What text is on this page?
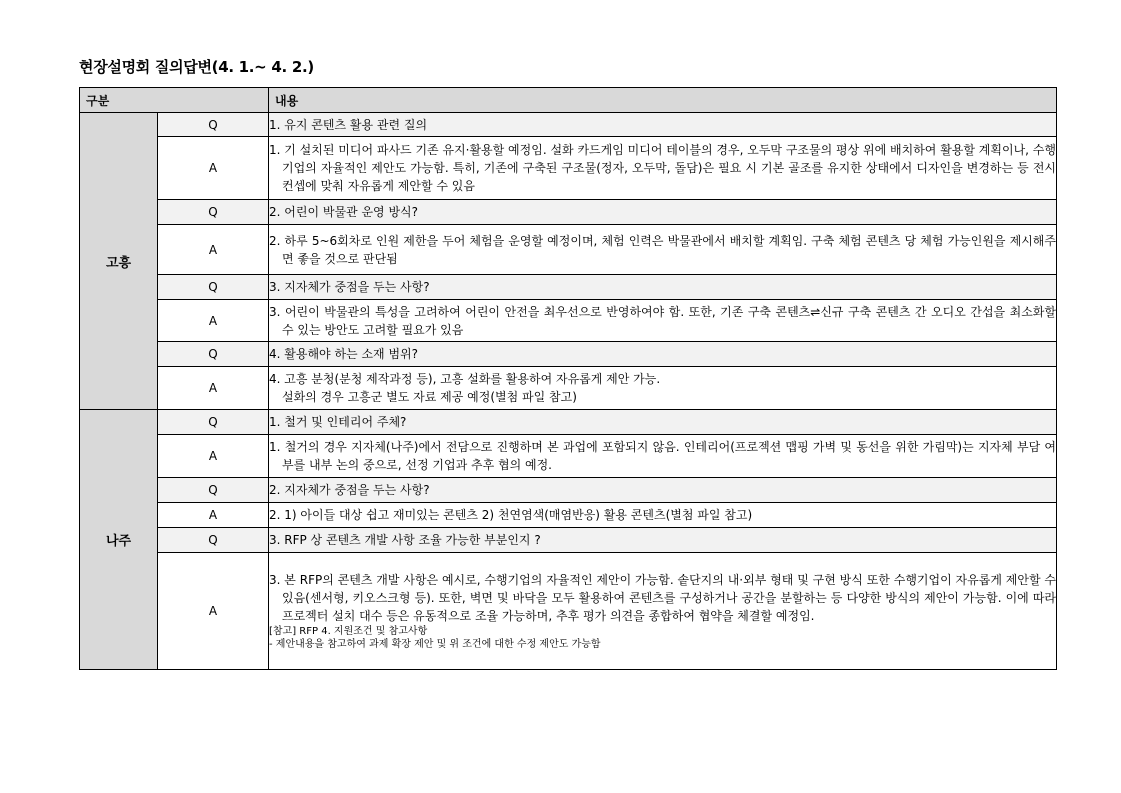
현장설명회 질의답변(4. 1.~ 4. 2.)
구분		내용
고흥	Q	1. 유지 콘텐츠 활용 관련 질의

	A	1. 기 설치된 미디어 파사드 기존 유지·활용할 예정임. 설화 카드게임 미디어 테이블의 경우, 오두막 구조물의 평상 위에 배치하여 활용할 계획이나, 수행기업의 자율적인 제안도 가능함. 특히, 기존에 구축된 구조물(정자, 오두막, 돌담)은 필요 시 기본 골조를 유지한 상태에서 디자인을 변경하는 등 전시 컨셉에 맞춰 자유롭게 제안할 수 있음

	Q	2. 어린이 박물관 운영 방식?

	A	2. 하루 5~6회차로 인원 제한을 두어 체험을 운영할 예정이며, 체험 인력은 박물관에서 배치할 계획임. 구축 체험 콘텐츠 당 체험 가능인원을 제시해주면 좋을 것으로 판단됨

	Q	3. 지자체가 중점을 두는 사항?

	A	3. 어린이 박물관의 특성을 고려하여 어린이 안전을 최우선으로 반영하여야 함. 또한, 기존 구축 콘텐츠⇌신규 구축 콘텐츠 간 오디오 간섭을 최소화할 수 있는 방안도 고려할 필요가 있음

	Q	4. 활용해야 하는 소재 범위?

	A	4. 고흥 분청(분청 제작과정 등), 고흥 설화를 활용하여 자유롭게 제안 가능.
설화의 경우 고흥군 별도 자료 제공 예정(별첨 파일 참고)

나주	Q	1. 철거 및 인테리어 주체?

	A	1. 철거의 경우 지자체(나주)에서 전담으로 진행하며 본 과업에 포함되지 않음. 인테리어(프로젝션 맵핑 가벽 및 동선을 위한 가림막)는 지자체 부담 여부를 내부 논의 중으로, 선정 기업과 추후 협의 예정.

	Q	2. 지자체가 중점을 두는 사항?

	A	2. 1) 아이들 대상 쉽고 재미있는 콘텐츠 2) 천연염색(매염반응) 활용 콘텐츠(별첨 파일 참고)

	Q	3. RFP 상 콘텐츠 개발 사항 조율 가능한 부분인지 ?

	A	3. 본 RFP의 콘텐츠 개발 사항은 예시로, 수행기업의 자율적인 제안이 가능함. 솥단지의 내·외부 형태 및 구현 방식 또한 수행기업이 자유롭게 제안할 수 있음(센서형, 키오스크형 등). 또한, 벽면 및 바닥을 모두 활용하여 콘텐츠를 구성하거나 공간을 분할하는 등 다양한 방식의 제안이 가능함. 이에 따라 프로젝터 설치 대수 등은 유동적으로 조율 가능하며, 추후 평가 의견을 종합하여 협약을 체결할 예정임.
[참고] RFP 4. 지원조건 및 참고사항
- 제안내용을 참고하여 과제 확장 제안 및 위 조건에 대한 수정 제안도 가능함
